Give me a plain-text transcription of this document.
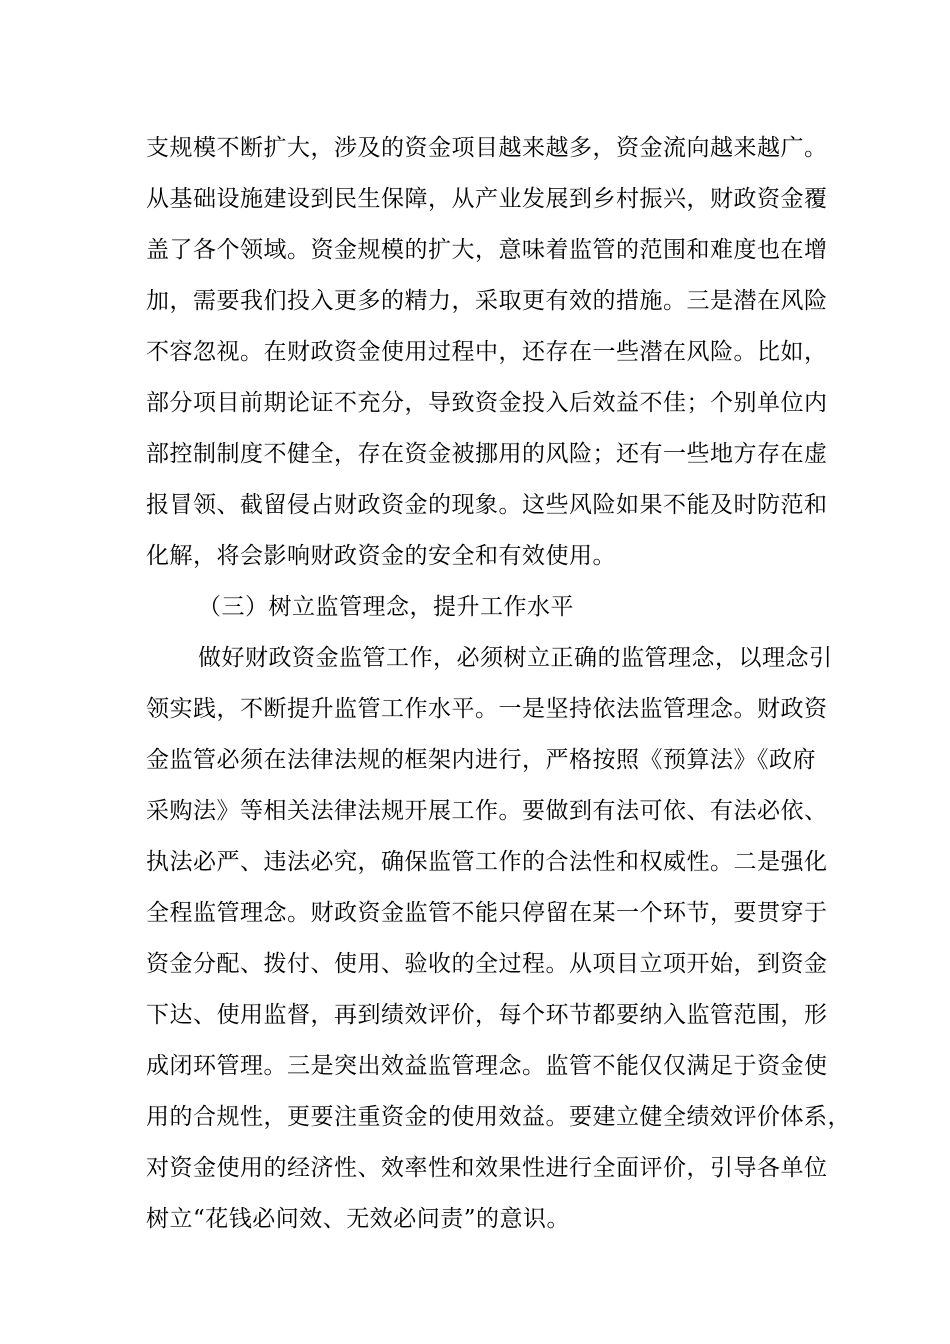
支规模不断扩大，涉及的资金项目越来越多，资金流向越来越广。
从基础设施建设到民生保障，从产业发展到乡村振兴，财政资金覆
盖了各个领域。资金规模的扩大，意味着监管的范围和难度也在增
加，需要我们投入更多的精力，采取更有效的措施。三是潜在风险
不容忽视。在财政资金使用过程中，还存在一些潜在风险。比如，
部分项目前期论证不充分，导致资金投入后效益不佳；个别单位内
部控制制度不健全，存在资金被挪用的风险；还有一些地方存在虚
报冒领、截留侵占财政资金的现象。这些风险如果不能及时防范和
化解，将会影响财政资金的安全和有效使用。
（三）树立监管理念，提升工作水平
做好财政资金监管工作，必须树立正确的监管理念，以理念引
领实践，不断提升监管工作水平。一是坚持依法监管理念。财政资
金监管必须在法律法规的框架内进行，严格按照《预算法》《政府
采购法》等相关法律法规开展工作。要做到有法可依、有法必依、
执法必严、违法必究，确保监管工作的合法性和权威性。二是强化
全程监管理念。财政资金监管不能只停留在某一个环节，要贯穿于
资金分配、拨付、使用、验收的全过程。从项目立项开始，到资金
下达、使用监督，再到绩效评价，每个环节都要纳入监管范围，形
成闭环管理。三是突出效益监管理念。监管不能仅仅满足于资金使
用的合规性，更要注重资金的使用效益。要建立健全绩效评价体系，
对资金使用的经济性、效率性和效果性进行全面评价，引导各单位
树立“花钱必问效、无效必问责”的意识。
